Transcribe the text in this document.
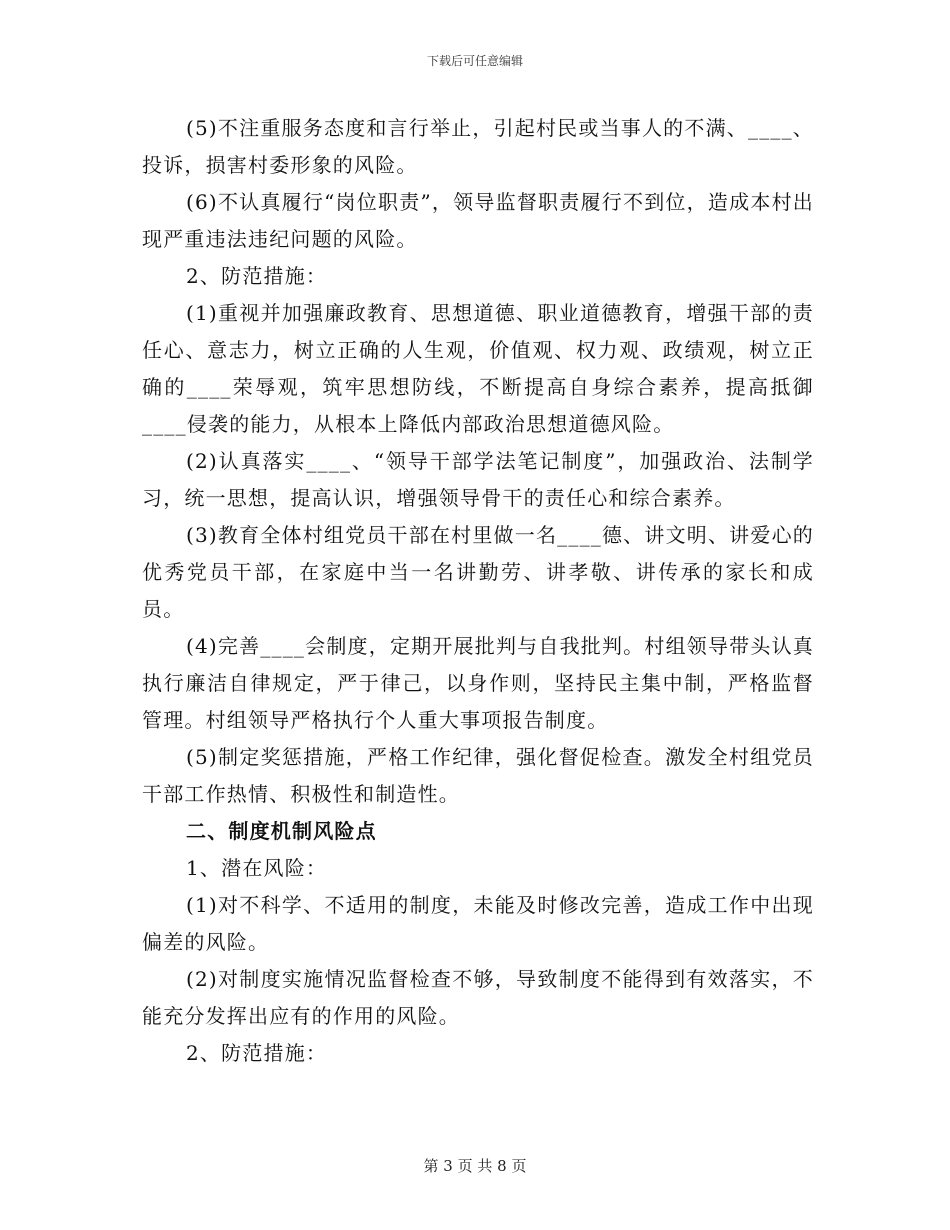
下载后可任意编辑

(5)不注重服务态度和言行举止，引起村民或当事人的不满、____、投诉，损害村委形象的风险。

(6)不认真履行“岗位职责”，领导监督职责履行不到位，造成本村出现严重违法违纪问题的风险。

2、防范措施：

(1)重视并加强廉政教育、思想道德、职业道德教育，增强干部的责任心、意志力，树立正确的人生观，价值观、权力观、政绩观，树立正确的____荣辱观，筑牢思想防线，不断提高自身综合素养，提高抵御____侵袭的能力，从根本上降低内部政治思想道德风险。

(2)认真落实____、“领导干部学法笔记制度”，加强政治、法制学习，统一思想，提高认识，增强领导骨干的责任心和综合素养。

(3)教育全体村组党员干部在村里做一名____德、讲文明、讲爱心的优秀党员干部，在家庭中当一名讲勤劳、讲孝敬、讲传承的家长和成员。

(4)完善____会制度，定期开展批判与自我批判。村组领导带头认真执行廉洁自律规定，严于律己，以身作则，坚持民主集中制，严格监督管理。村组领导严格执行个人重大事项报告制度。

(5)制定奖惩措施，严格工作纪律，强化督促检查。激发全村组党员干部工作热情、积极性和制造性。

二、制度机制风险点

1、潜在风险：

(1)对不科学、不适用的制度，未能及时修改完善，造成工作中出现偏差的风险。

(2)对制度实施情况监督检查不够，导致制度不能得到有效落实，不能充分发挥出应有的作用的风险。

2、防范措施：

第 3 页 共 8 页
